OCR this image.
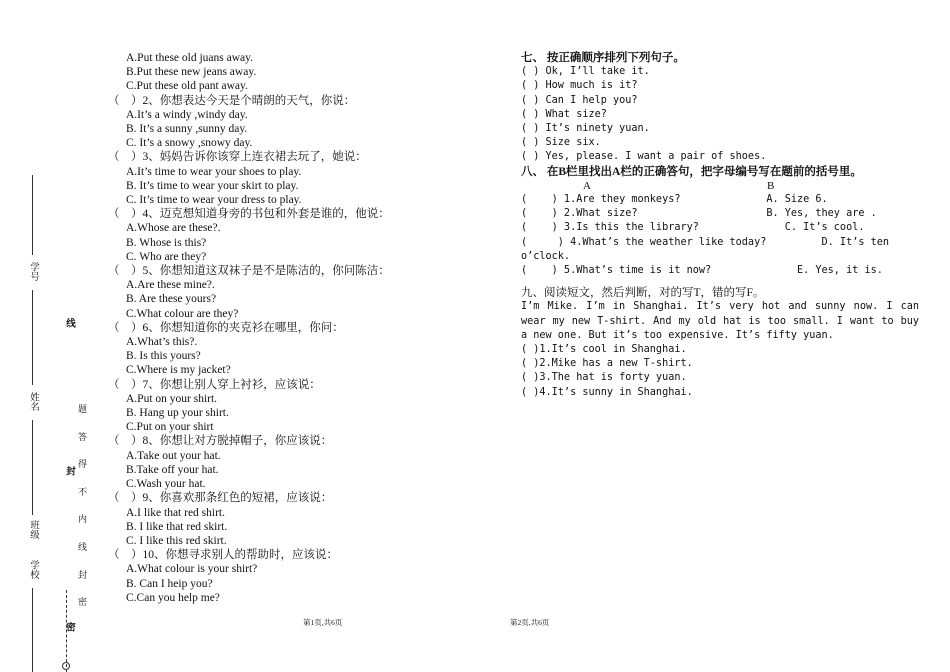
学号
姓名
班级
学校
线
封
密
题
答
得
不
内
线
封
密
A.Put these old juans away.
B.Put these new jeans away.
C.Put these old pant away.
（　）2、你想表达今天是个晴朗的天气，你说：
A.It’s a windy ,windy day.
B. It’s a sunny ,sunny day.
C. It’s a snowy ,snowy day.
（　）3、妈妈告诉你该穿上连衣裙去玩了，她说：
A.It’s time to wear your shoes to play.
B. It’s time to wear your skirt to play.
C. It’s time to wear your dress to play.
（　）4、迈克想知道身旁的书包和外套是谁的，他说：
A.Whose are these?.
B. Whose is this?
C. Who are they?
（　）5、你想知道这双袜子是不是陈洁的，你问陈洁：
A.Are these mine?.
B. Are these yours?
C.What colour are they?
（　）6、你想知道你的夹克衫在哪里，你问：
A.What’s this?.
B. Is this yours?
C.Where is my jacket?
（　）7、你想让别人穿上衬衫，应该说：
A.Put on your shirt.
B. Hang up your shirt.
C.Put on your shirt
（　）8、你想让对方脱掉帽子，你应该说：
A.Take out your hat.
B.Take off your hat.
C.Wash your hat.
（　）9、你喜欢那条红色的短裙，应该说：
A.I like that red shirt.
B. I like that red skirt.
C. I like this red skirt.
（　）10、你想寻求别人的帮助时，应该说：
A.What colour is your shirt?
B. Can I heip you?
C.Can you help me?
七、 按正确顺序排列下列句子。
( ) Ok, I’ll take it.
( ) How much is it?
( ) Can I help you?
( ) What size?
( ) It’s ninety yuan.
( ) Size six.
( ) Yes, please. I want a pair of shoes.
八、 在B栏里找出A栏的正确答句，把字母编号写在题前的括号里。
A	B
(    ) 1.Are they monkeys?              A. Size 6.
(    ) 2.What size?                     B. Yes, they are .
(    ) 3.Is this the library?              C. It’s cool.
(     ) 4.What’s the weather like today?         D. It’s ten
o’clock.
(    ) 5.What’s time is it now?              E. Yes, it is.
九、阅读短文，然后判断，对的写T，错的写F。
I’m Mike. I’m in Shanghai. It’s very hot and sunny now. I can wear my new T-shirt. And my old hat is too small. I want to buy a new one. But it’s too expensive. It’s fifty yuan.
( )1.It’s cool in Shanghai.
( )2.Mike has a new T-shirt.
( )3.The hat is forty yuan.
( )4.It’s sunny in Shanghai.
第1页,共6页	第2页,共6页
